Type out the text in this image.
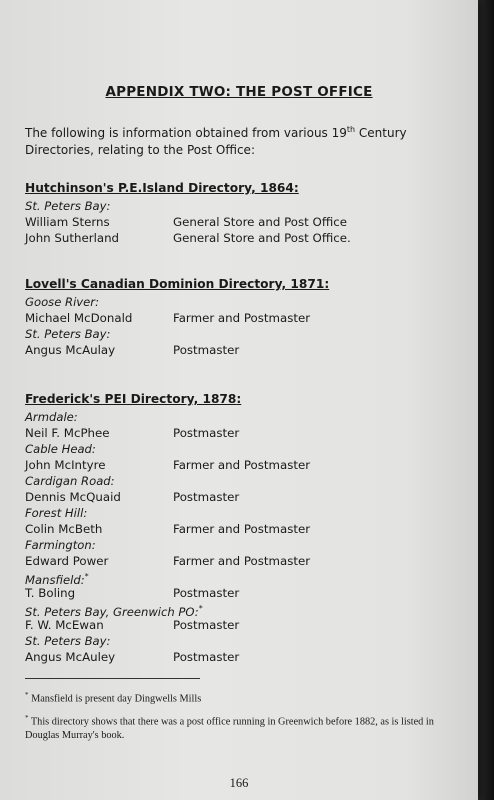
APPENDIX TWO: THE POST OFFICE
The following is information obtained from various 19th Century
Directories, relating to the Post Office:
Hutchinson's P.E.Island Directory, 1864:
St. Peters Bay:
William Sterns	General Store and Post Office
John Sutherland	General Store and Post Office.
Lovell's Canadian Dominion Directory, 1871:
Goose River:
Michael McDonald	Farmer and Postmaster
St. Peters Bay:
Angus McAulay	Postmaster
Frederick's PEI Directory, 1878:
Armdale:
Neil F. McPhee	Postmaster
Cable Head:
John McIntyre	Farmer and Postmaster
Cardigan Road:
Dennis McQuaid	Postmaster
Forest Hill:
Colin McBeth	Farmer and Postmaster
Farmington:
Edward Power	Farmer and Postmaster
Mansfield:*
T. Boling	Postmaster
St. Peters Bay, Greenwich PO:*
F. W. McEwan	Postmaster
St. Peters Bay:
Angus McAuley	Postmaster
* Mansfield is present day Dingwells Mills
* This directory shows that there was a post office running in Greenwich before 1882, as is listed in Douglas Murray's book.
166
